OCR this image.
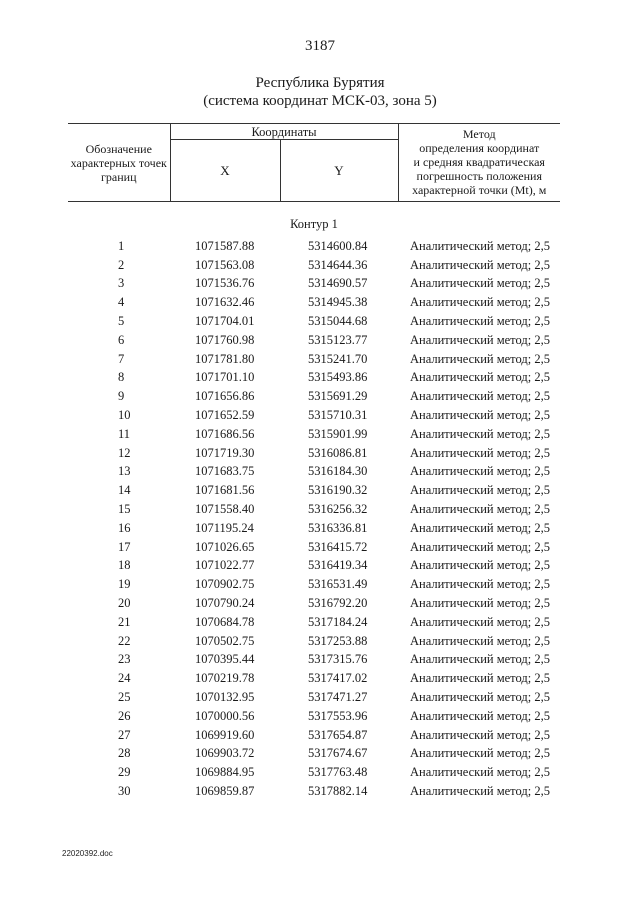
3187
Республика Бурятия
(система координат МСК-03, зона 5)
Обозначение характерных точек границ	Координаты		Метод
определения координат
и средняя квадратическая
погрешность положения
характерной точки (Mt), м

	X	Y	
Контур 1			
1	1071587.88	5314600.84	Аналитический метод; 2,5
2	1071563.08	5314644.36	Аналитический метод; 2,5
3	1071536.76	5314690.57	Аналитический метод; 2,5
4	1071632.46	5314945.38	Аналитический метод; 2,5
5	1071704.01	5315044.68	Аналитический метод; 2,5
6	1071760.98	5315123.77	Аналитический метод; 2,5
7	1071781.80	5315241.70	Аналитический метод; 2,5
8	1071701.10	5315493.86	Аналитический метод; 2,5
9	1071656.86	5315691.29	Аналитический метод; 2,5
10	1071652.59	5315710.31	Аналитический метод; 2,5
11	1071686.56	5315901.99	Аналитический метод; 2,5
12	1071719.30	5316086.81	Аналитический метод; 2,5
13	1071683.75	5316184.30	Аналитический метод; 2,5
14	1071681.56	5316190.32	Аналитический метод; 2,5
15	1071558.40	5316256.32	Аналитический метод; 2,5
16	1071195.24	5316336.81	Аналитический метод; 2,5
17	1071026.65	5316415.72	Аналитический метод; 2,5
18	1071022.77	5316419.34	Аналитический метод; 2,5
19	1070902.75	5316531.49	Аналитический метод; 2,5
20	1070790.24	5316792.20	Аналитический метод; 2,5
21	1070684.78	5317184.24	Аналитический метод; 2,5
22	1070502.75	5317253.88	Аналитический метод; 2,5
23	1070395.44	5317315.76	Аналитический метод; 2,5
24	1070219.78	5317417.02	Аналитический метод; 2,5
25	1070132.95	5317471.27	Аналитический метод; 2,5
26	1070000.56	5317553.96	Аналитический метод; 2,5
27	1069919.60	5317654.87	Аналитический метод; 2,5
28	1069903.72	5317674.67	Аналитический метод; 2,5
29	1069884.95	5317763.48	Аналитический метод; 2,5
30	1069859.87	5317882.14	Аналитический метод; 2,5
22020392.doc
